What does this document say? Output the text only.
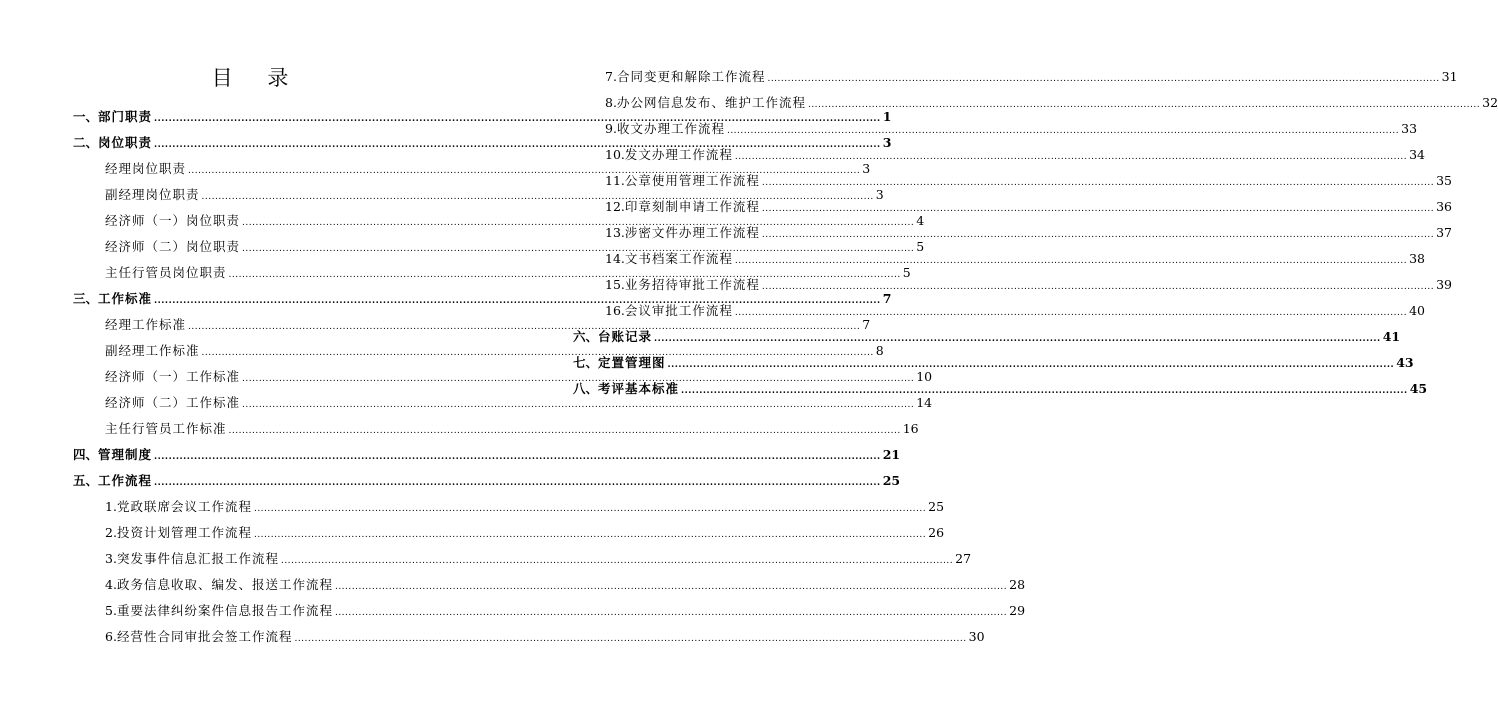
目 录
一、 部门职责 ........................................................................................................................................................................................................ 1
二、 岗位职责 ........................................................................................................................................................................................................ 3
经理岗位职责 ........................................................................................................................................................................................................ 3
副经理岗位职责 ........................................................................................................................................................................................................ 3
经济师（一）岗位职责 ........................................................................................................................................................................................................ 4
经济师（二）岗位职责 ........................................................................................................................................................................................................ 5
主任行管员岗位职责 ........................................................................................................................................................................................................ 5
三、 工作标准 ........................................................................................................................................................................................................ 7
经理工作标准 ........................................................................................................................................................................................................ 7
副经理工作标准 ........................................................................................................................................................................................................ 8
经济师（一）工作标准 ........................................................................................................................................................................................................ 10
经济师（二）工作标准 ........................................................................................................................................................................................................ 14
主任行管员工作标准 ........................................................................................................................................................................................................ 16
四、 管理制度 ........................................................................................................................................................................................................ 21
五、 工作流程 ........................................................................................................................................................................................................ 25
1. 党政联席会议工作流程 ........................................................................................................................................................................................................ 25
2. 投资计划管理工作流程 ........................................................................................................................................................................................................ 26
3. 突发事件信息汇报工作流程 ........................................................................................................................................................................................................ 27
4. 政务信息收取、编发、报送工作流程 ........................................................................................................................................................................................................ 28
5. 重要法律纠纷案件信息报告工作流程 ........................................................................................................................................................................................................ 29
6. 经营性合同审批会签工作流程 ........................................................................................................................................................................................................ 30
7. 合同变更和解除工作流程 ........................................................................................................................................................................................................ 31
8. 办公网信息发布、维护工作流程 ........................................................................................................................................................................................................ 32
9. 收文办理工作流程 ........................................................................................................................................................................................................ 33
10. 发文办理工作流程 ........................................................................................................................................................................................................ 34
11. 公章使用管理工作流程 ........................................................................................................................................................................................................ 35
12. 印章刻制申请工作流程 ........................................................................................................................................................................................................ 36
13. 涉密文件办理工作流程 ........................................................................................................................................................................................................ 37
14. 文书档案工作流程 ........................................................................................................................................................................................................ 38
15. 业务招待审批工作流程 ........................................................................................................................................................................................................ 39
16. 会议审批工作流程 ........................................................................................................................................................................................................ 40
六、 台账记录 ........................................................................................................................................................................................................ 41
七、 定置管理图 ........................................................................................................................................................................................................ 43
八、 考评基本标准 ........................................................................................................................................................................................................ 45
